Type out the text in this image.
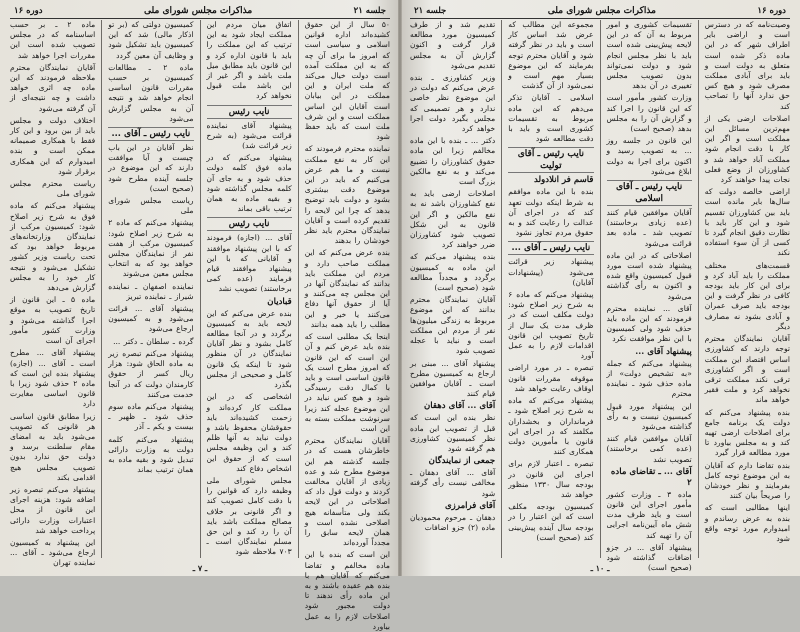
دوره ۱۶	مذاکرات مجلس شورای ملی	جلسه ۲۱
۵۰ سال از این حقوق کشیده‌اند اداره قوانین اسلامی و سیاسی است که امروز ما برای آن چه که به این مملکت آمده است دولت خیال می‌کند که ملت ایران و این مملکت در این بیابان است آقایان این اساس مملکت است و این شرف ملت است که باید حفظ شود
نماینده محترم فرمودند که این کار به نفع مملکت نیست و ما هم عرض می‌کنیم که باید در این موضوع دقت بیشتری بشود و دولت باید توضیح بدهد که چرا این لایحه را تقدیم کرده است و آقایان نمایندگان محترم باید نظر خودشان را بدهند
بنده عرض می‌کنم که این مملکت صاحب دارد و مردم این مملکت باید بدانند که نمایندگان آنها در این مجلس چه می‌کنند و آیا از حقوق آنها دفاع می‌کنند یا خیر و این مطلب را باید همه بدانند
اینجا یک مطلبی است که بنده باید عرض کنم و آن این است که این قانون که امروز مطرح است یک قانون اساسی است و باید با کمال دقت رسیدگی شود و هیچ کس نباید در این موضوع عجله کند زیرا سرنوشت مملکت بسته به این است
آقایان نمایندگان محترم خاطرشان هست که در جلسه گذشته هم این موضوع مطرح شد و عده زیادی از آقایان مخالفت کردند و دولت قول داد که اصلاحاتی در این لایحه بکند ولی متأسفانه هیچ اصلاحی نشده است و همان لایحه سابق را مجدداً آورده‌اند
این است که بنده با این ماده مخالفم و تقاضا می‌کنم که آقایان هم با بنده هم عقیده باشند و به این ماده رأی ندهند تا دولت مجبور شود اصلاحات لازم را به عمل بیاورد
اتفاق میان مردم این مملکت ایجاد شود به این ترتیب که این مملکت را باید با قانون اداره کرد و این قانون باید مطابق میل ملت باشد و اگر غیر از این باشد ملت قبول نخواهد کرد
نایب رئیس
پیشنهاد آقای نماینده قرائت می‌شود (به شرح زیر قرائت شد)
پیشنهاد می‌کنم که در ماده فوق کلمه دولت حذف شود و به جای آن کلمه مجلس گذاشته شود و بقیه ماده به همان ترتیب باقی بماند
نایب رئیس
آقای ... (اجازه) فرمودند که با این پیشنهاد موافقند و آقایانی که با این پیشنهاد موافقند قیام فرمایند (عده کمی برخاستند) تصویب نشد
قبادیان
بنده عرض می‌کنم که این لایحه باید به کمیسیون برگردد و در آنجا مطالعه کامل بشود و نظر آقایان نمایندگان در آن منظور شود تا اینکه یک قانون کامل و صحیحی از مجلس بگذرد
اشخاصی که در این مملکت کار کرده‌اند و زحمت کشیده‌اند باید حقوقشان محفوظ باشد و دولت نباید به آنها ظلم کند و این وظیفه مجلس است که از حقوق این اشخاص دفاع کند
مجلس شورای ملی وظیفه دارد که قوانین را با دقت کامل تصویب کند و اگر قانونی بر خلاف مصالح مملکت باشد باید آن را رد کند و این حق مسلم نمایندگان است ـ ۷۰۳ ملاحظه شود
کمیسیون دولتی که (بر تو اذکار مالی) شد که این کمیسیون باید تشکیل شود و وظایف آن معین گردد
ماده ۲ ـ مطالعات کمیسیون بر حسب مقررات قانون اساسی انجام خواهد شد و نتیجه آن به مجلس گزارش می‌شود
نایب رئیس ـ آقای ...
نظر آقایان در این باب چیست و آیا موافقت دارند که این موضوع در جلسه آینده مطرح شود (صحیح است)
ریاست مجلس شورای ملی
پیشنهاد می‌کنم که ماده ۲ به شرح زیر اصلاح شود: کمیسیون مرکب از هفت نفر از نمایندگان مجلس خواهد بود که به انتخاب مجلس معین می‌شوند
نماینده اصفهان ـ نماینده شیراز ـ نماینده تبریز
پیشنهاد آقای ... قرائت می‌شود و به کمیسیون ارجاع می‌شود
گرده ـ سلطان ـ دکتر ...
پیشنهاد می‌کنم تبصره زیر به ماده الحاق شود: هزار ریال کسر از حقوق کارمندان دولت که در آنجا خدمت می‌کنند
پیشنهاد می‌کنم ماده سوم حذف شود ـ ظهیر ـ بیست و یکم ـ آذر
پیشنهاد می‌کنم کلمه دولت به وزارت دارائی تبدیل شود و بقیه ماده به همان ترتیب بماند
ماده ۲ ـ بر حسب اساسنامه که در مجلس تصویب شده است این مقررات اجرا خواهد شد
آقایان نمایندگان محترم ملاحظه فرمودند که این ماده چه اثری خواهد داشت و چه نتیجه‌ای از آن گرفته می‌شود
اختلاف دولت و مجلس باید از بین برود و این کار فقط با همکاری صمیمانه ممکن است و بنده امیدوارم که این همکاری برقرار شود
ریاست محترم مجلس شورای ملی
پیشنهاد می‌کنم که ماده فوق به شرح زیر اصلاح شود: کمیسیون مرکب از نمایندگان وزارتخانه‌های مربوط خواهد بود که تحت ریاست وزیر کشور تشکیل می‌شود و نتیجه کار خود را به مجلس گزارش می‌دهد
ماده ۵ ـ این قانون از تاریخ تصویب به موقع اجرا گذاشته می‌شود و وزارت کشور مأمور اجرای آن است
پیشنهاد آقای ... مطرح است ـ آقای ... (اجازه) پیشنهاد بنده این است که ماده ۲ حذف شود زیرا با قانون اساسی مغایرت دارد
زیرا مطابق قانون اساسی هر قانونی که تصویب می‌شود باید به امضای مقام سلطنت برسد و دولت حق ندارد بدون تصویب مجلس هیچ اقدامی بکند
پیشنهاد می‌کنم تبصره زیر اضافه شود: هزینه اجرای این قانون از محل اعتبارات وزارت دارائی پرداخت خواهد شد
این پیشنهاد به کمیسیون ارجاع می‌شود ـ آقای ... نماینده تهران
ـ ۷ ـ
جلسه ۲۱	مذاکرات مجلس شورای ملی	دوره ۱۶
وصیت‌نامه که در دسترس است و اراضی بایر اطراف شهر که در این ماده ذکر شده است متعلق به دولت است و باید برای آبادی مملکت مصرف شود و هیچ کس حق ندارد آنها را تصاحب کند
اصلاحات ارضی یکی از مهم‌ترین مسائل این مملکت است و اگر این کار با دقت انجام شود مملکت آباد خواهد شد و کشاورزان از وضع فعلی نجات پیدا خواهند کرد
اراضی خالصه دولت که سال‌ها بایر مانده است باید بین کشاورزان تقسیم شود و این کار باید با نظارت دقیق انجام گیرد تا کسی از آن سوء استفاده نکند
قسمت‌های مختلف مملکت را باید آباد کرد و برای این کار باید بودجه کافی در نظر گرفت و این بودجه باید صرف عمران و آبادی بشود نه مصارف دیگر
آقایان نمایندگان محترم توجه دارند که کشاورزی اساس اقتصاد این مملکت است و اگر کشاورزی ترقی نکند مملکت ترقی نخواهد کرد و ملت فقیر خواهد ماند
بنده پیشنهاد می‌کنم که دولت یک برنامه جامع برای اصلاحات ارضی تهیه کند و به مجلس بیاورد تا مورد مطالعه قرار گیرد
بنده تقاضا دارم که آقایان به این موضوع توجه کامل بفرمایند و نظر خودشان را صریحاً بیان کنند
اینها مطالبی است که بنده به عرض رساندم و امیدوارم مورد توجه واقع شود
تقسیمات کشوری و امور مربوط به آن که در این لایحه پیش‌بینی شده است باید با نظر مجلس انجام شود و دولت نمی‌تواند بدون تصویب مجلس تغییری در آن بدهد
وزارت کشور مأمور است که این قانون را اجرا کند و گزارش آن را به مجلس بدهد (صحیح است)
این قانون در جلسه روز ... به تصویب رسید و اکنون برای اجرا به دولت ابلاغ می‌شود
نایب رئیس ـ آقای اسلامی
آقایان موافقین قیام کنند (عده زیادی برخاستند) تصویب شد ـ ماده بعد قرائت می‌شود
اصلاحاتی که در این ماده پیشنهاد شده است مورد قبول کمیسیون واقع شده و اکنون به رأی گذاشته می‌شود
آقای ... نماینده محترم فرمودند که این ماده باید حذف شود ولی کمیسیون با این نظر موافقت نکرد
پیشنهاد آقای ...
پیشنهاد می‌کنم که جمله «به تشخیص دولت» از ماده حذف شود ـ نماینده محترم
این پیشنهاد مورد قبول کمیسیون نیست و به رأی گذاشته می‌شود
آقایان موافقین قیام کنند (عده کمی برخاستند) تصویب نشد
آقای ... ـ تقاضای ماده ۲
ماده ۳ ـ وزارت کشور مأمور اجرای این قانون است و باید ظرف مدت شش ماه آیین‌نامه اجرایی آن را تهیه کند
پیشنهاد آقای ... در جزو اضافات گذاشته شود (صحیح است)
مجموعه این مطالب که عرض شد اساس کار است و باید در نظر گرفته شود و آقایان محترم توجه بفرمایند که این موضوع بسیار مهم است و نمی‌شود از آن گذشت
اسلامی ـ آقایان تذکر می‌دهم که این ماده مربوط به تقسیمات کشوری است و باید با دقت مطالعه شود
نایب رئیس ـ آقای تولیت
قاسم فر انلادولد
بنده با این ماده موافقم به شرط اینکه دولت تعهد کند که در اجرای آن عدالت را رعایت کند و به حقوق مردم تجاوز نشود
نایب رئیس ـ آقای ...
پیشنهاد زیر قرائت می‌شود (پیشنهادات آقایان)
پیشنهاد می‌کنم که ماده ۶ به شرح زیر اصلاح شود: دولت مکلف است که در ظرف مدت یک سال از تاریخ تصویب این قانون اقدامات لازم را به عمل آورد
تبصره ـ در مورد اراضی موقوفه مقررات قانون اوقاف رعایت خواهد شد
پیشنهاد می‌کنم که ماده به شرح زیر اصلاح شود ـ فرمانداران و بخشداران مکلفند که در اجرای این قانون با مأمورین دولت همکاری کنند
تبصره ـ اعتبار لازم برای اجرای این قانون در بودجه سال ۱۳۳۰ منظور خواهد شد
کمیسیون بودجه مکلف است که این اعتبار را در بودجه سال آینده پیش‌بینی کند (صحیح است)
تقدیم شد و از طرف کمیسیون مورد مطالعه قرار گرفت و اکنون گزارش آن به مجلس تقدیم می‌شود
وزیر کشاورزی ـ بنده عرض می‌کنم که دولت در این موضوع نظر خاصی ندارد و هر تصمیمی که مجلس بگیرد دولت اجرا خواهد کرد
دکتر ... ـ بنده با این ماده مخالفم زیرا این ماده حقوق کشاورزان را تضییع می‌کند و به نفع مالکین بزرگ است
اصلاحات ارضی باید به نفع کشاورزان باشد نه به نفع مالکین و اگر این قانون به این شکل تصویب شود کشاورزان ضرر خواهند کرد
بنده پیشنهاد می‌کنم که این ماده به کمیسیون برگردد و مجدداً مطالعه شود (صحیح است)
آقایان نمایندگان محترم بدانند که این موضوع مربوط به زندگی میلیون‌ها نفر از مردم این مملکت است و نباید با عجله تصویب شود
پیشنهاد آقای ... مبنی بر ارجاع به کمیسیون مطرح است ـ آقایان موافقین قیام کنند
آقای ... آقای دهقان
نظر بنده این است که قبل از تصویب این ماده نظر کمیسیون کشاورزی هم گرفته شود
جمعی از نمایندگان
آقای ... آقای دهقان ـ مخالفی نیست رأی گرفته شود
آقای فرامرزی
دهقان ـ مرحوم محمودیان ماده (۲) جزو اضافات
ـ ۱۰ ـ
